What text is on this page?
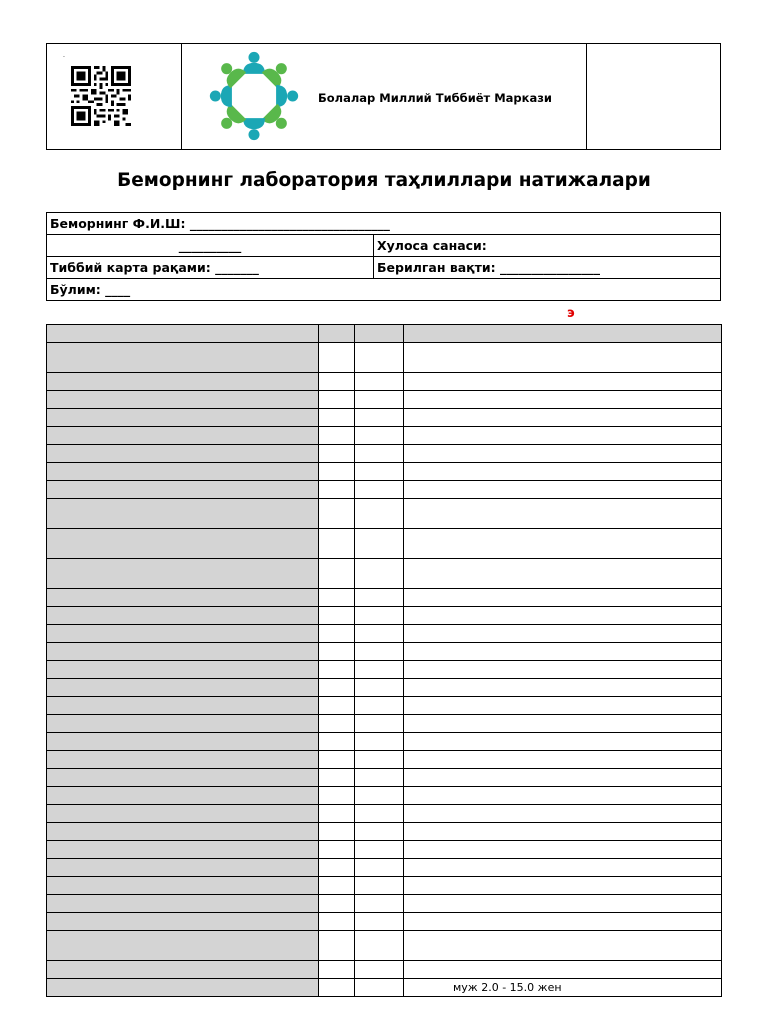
.
Болалар Миллий Тиббиёт Маркази
Беморнинг лаборатория таҳлиллари натижалари
Беморнинг Ф.И.Ш: ________________________________	
__________	Хулоса санаси:
Тиббий карта рақами: _______	Берилган вақти: ________________
Бўлим: ____	
э

			муж 2.0 - 15.0 жен
